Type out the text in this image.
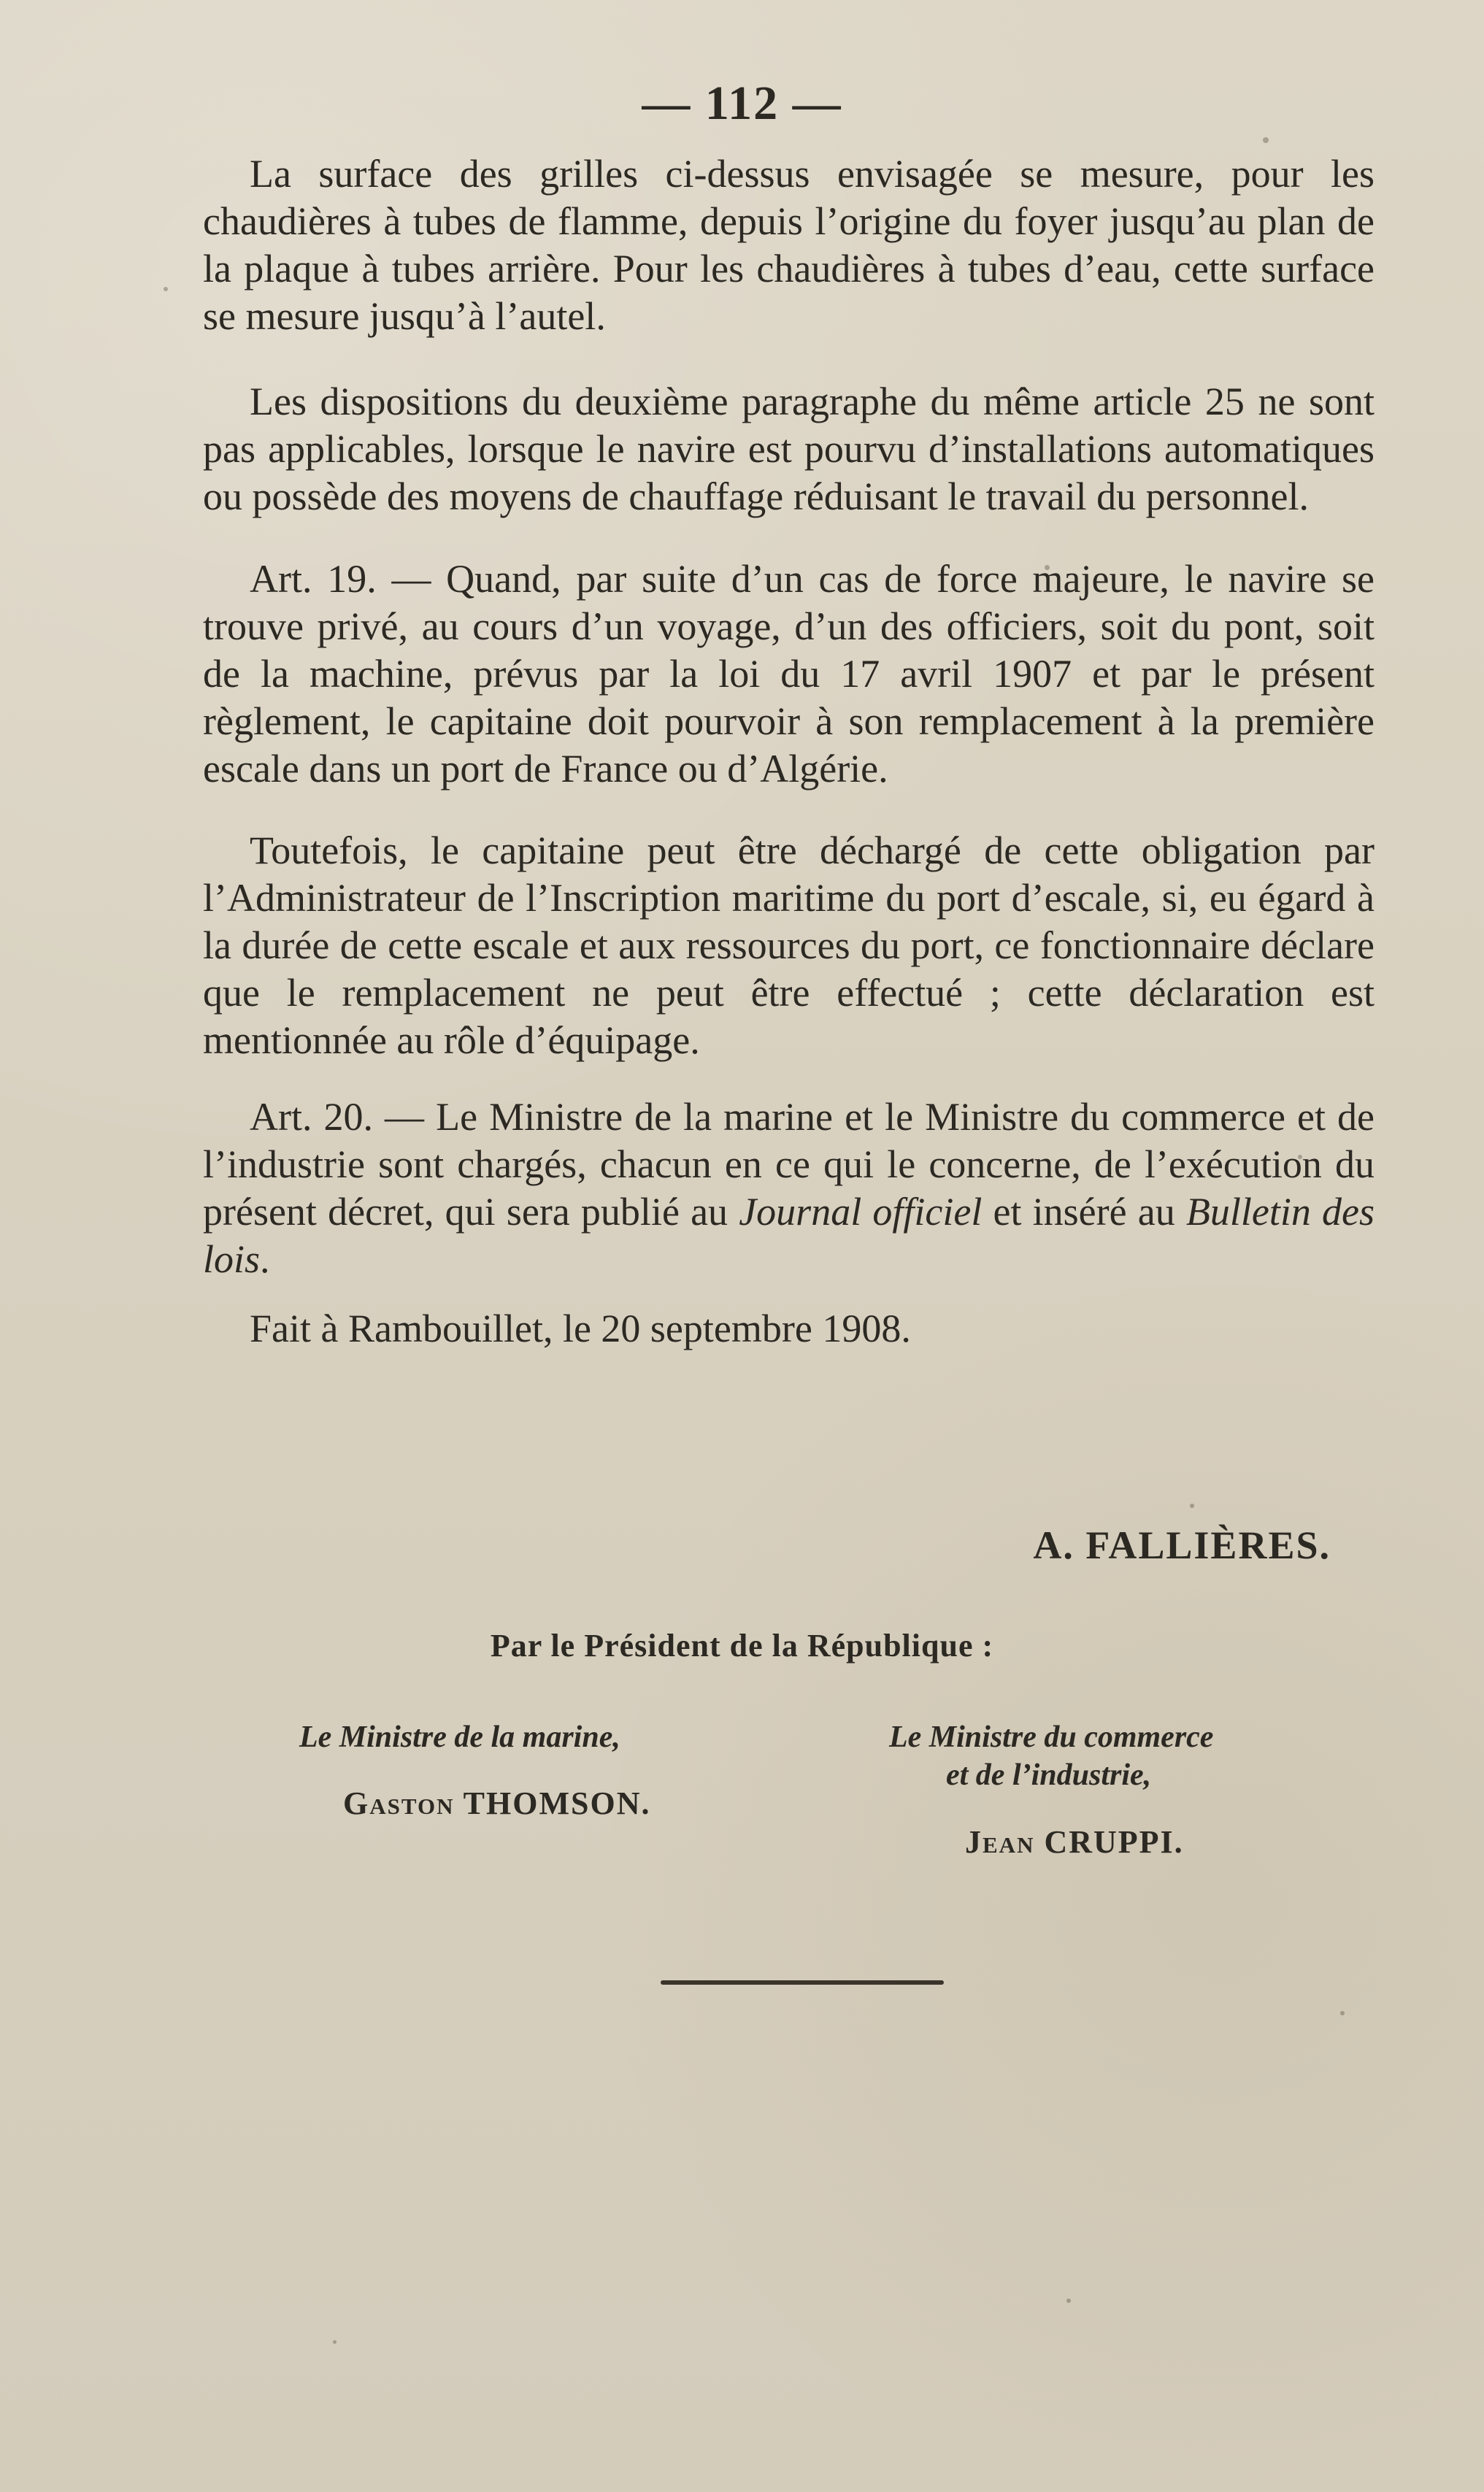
— 112 —

La surface des grilles ci-dessus envisagée se mesure, pour les chaudières à tubes de flamme, depuis l’origine du foyer jusqu’au plan de la plaque à tubes arrière. Pour les chaudières à tubes d’eau, cette surface se mesure jusqu’à l’autel.

Les dispositions du deuxième paragraphe du même article 25 ne sont pas applicables, lorsque le navire est pourvu d’installations automatiques ou possède des moyens de chauffage réduisant le travail du personnel.

Art. 19. — Quand, par suite d’un cas de force majeure, le navire se trouve privé, au cours d’un voyage, d’un des officiers, soit du pont, soit de la machine, prévus par la loi du 17 avril 1907 et par le présent règlement, le capitaine doit pourvoir à son remplacement à la première escale dans un port de France ou d’Algérie.

Toutefois, le capitaine peut être déchargé de cette obligation par l’Administrateur de l’Inscription maritime du port d’escale, si, eu égard à la durée de cette escale et aux ressources du port, ce fonctionnaire déclare que le remplacement ne peut être effectué ; cette déclaration est mentionnée au rôle d’équipage.

Art. 20. — Le Ministre de la marine et le Ministre du commerce et de l’industrie sont chargés, chacun en ce qui le concerne, de l’exécution du présent décret, qui sera publié au Journal officiel et inséré au Bulletin des lois.

Fait à Rambouillet, le 20 septembre 1908.

A. FALLIÈRES.
Par le Président de la République :
Le Ministre de la marine,	Le Ministre du commerce
et de l’industrie,
Gaston THOMSON.
Jean CRUPPI.
